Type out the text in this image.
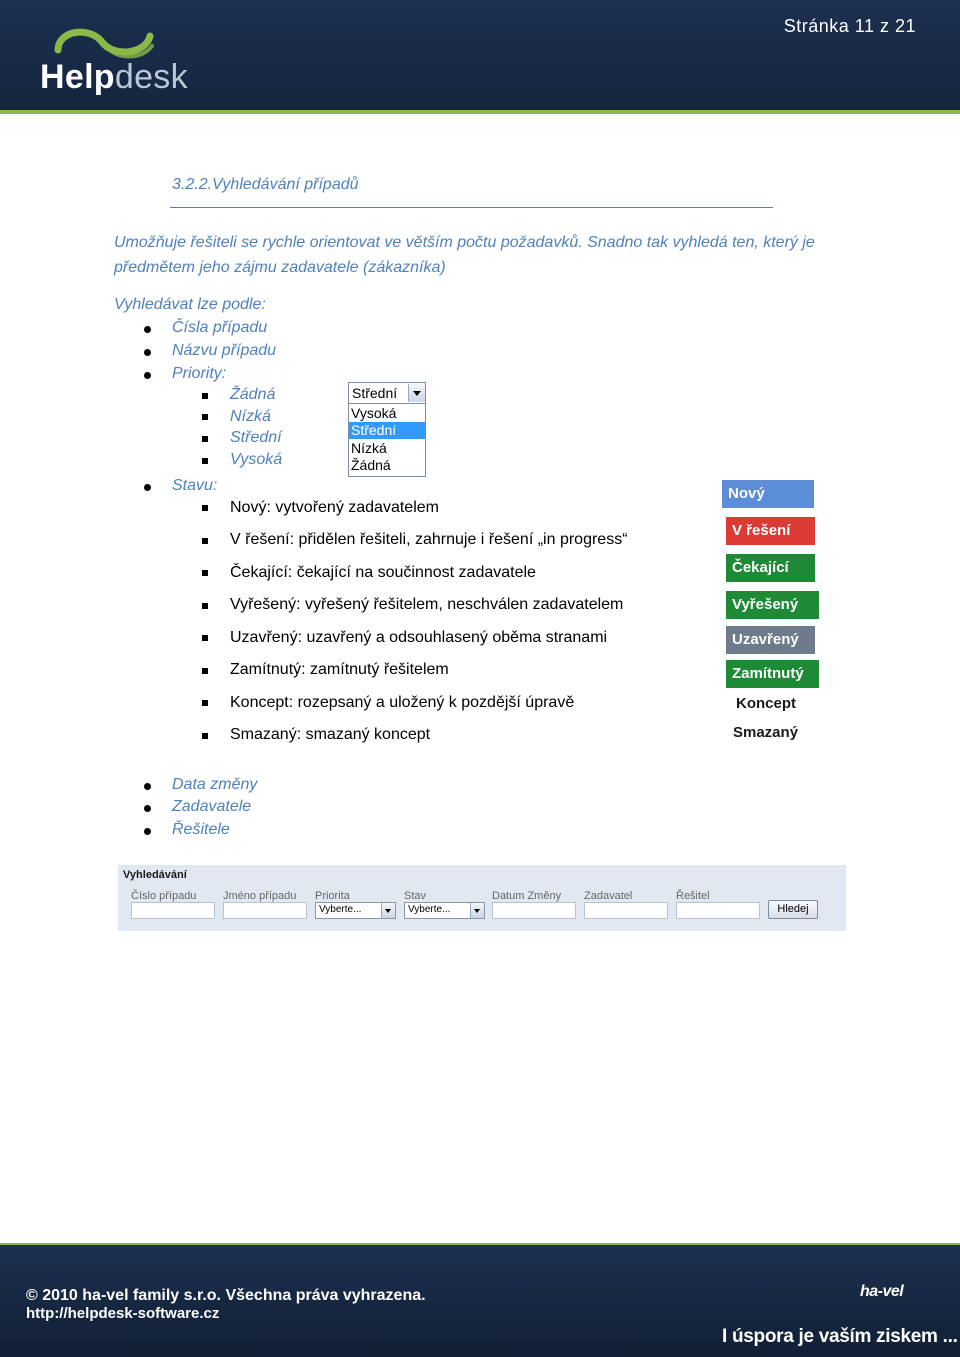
Helpdesk
Stránka 11 z 21
3.2.2.Vyhledávání případů
Umožňuje řešiteli se rychle orientovat ve větším počtu požadavků. Snadno tak vyhledá ten, který je
předmětem jeho zájmu zadavatele (zákazníka)
Vyhledávat lze podle:
Čísla případu
Názvu případu
Priority:
Žádná
Nízká
Střední
Vysoká
Střední
Vysoká
Střední
Nízká
Žádná
Stavu:
Nový: vytvořený zadavatelem
V řešení: přidělen řešiteli, zahrnuje i řešení „in progress“
Čekající: čekající na součinnost zadavatele
Vyřešený: vyřešený řešitelem, neschválen zadavatelem
Uzavřený: uzavřený a odsouhlasený oběma stranami
Zamítnutý: zamítnutý řešitelem
Koncept: rozepsaný a uložený k pozdější úpravě
Smazaný: smazaný koncept
Nový
V řešení
Čekající
Vyřešený
Uzavřený
Zamítnutý
Koncept
Smazaný
Data změny
Zadavatele
Řešitele
Vyhledávání
Číslo případu Jméno případu Priorita
Vyberte...
Stav
Vyberte...
Datum Změny Zadavatel	Řešitel
Hledej
© 2010 ha-vel family s.r.o. Všechna práva vyhrazena.
http://helpdesk-software.cz
ha-vel
I úspora je vaším ziskem ...
